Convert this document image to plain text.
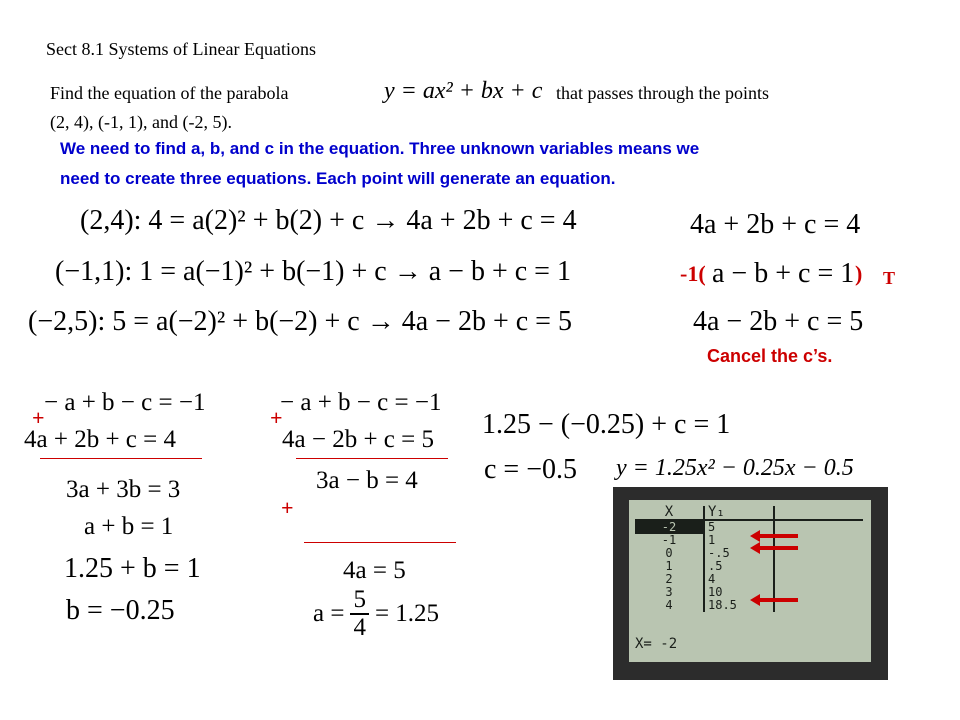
Sect 8.1 Systems of Linear Equations
Find the equation of the parabola	y = ax² + bx + c that passes through the points
(2, 4), (-1, 1), and (-2, 5).
We need to find a, b, and c in the equation. Three unknown variables means we
need to create three equations. Each point will generate an equation.
(2,4): 4 = a(2)² + b(2) + c → 4a + 2b + c = 4
(−1,1): 1 = a(−1)² + b(−1) + c → a − b + c = 1
(−2,5): 5 = a(−2)² + b(−2) + c → 4a − 2b + c = 5
4a + 2b + c = 4
-1( a − b + c = 1 ) T
4a − 2b + c = 5
Cancel the c’s.
+
− a + b − c = −1
4a + 2b + c = 4
3a + 3b = 3
a + b = 1
1.25 + b = 1
b = −0.25
+
− a + b − c = −1
4a − 2b + c = 5
3a − b = 4
+
4a = 5
$a = \frac{5}{4} = 1.25$
1.25 − (−0.25) + c = 1
c = −0.5 y = 1.25x² − 0.25x − 0.5
X	Y₁	
-2	5	
-1	1	
0	-.5	
1	.5	
2	4	
3	10	
4	18.5	
X= -2
